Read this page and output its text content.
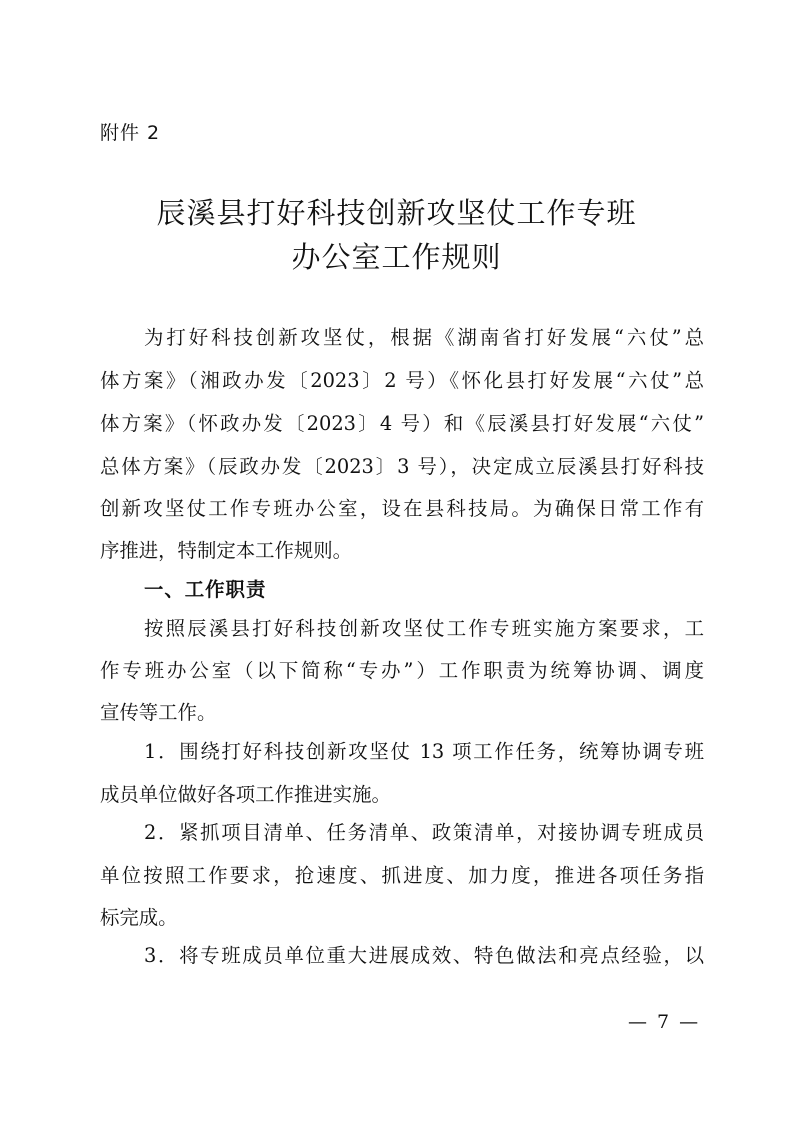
附件 2
辰溪县打好科技创新攻坚仗工作专班
办公室工作规则
为打好科技创新攻坚仗，根据《湖南省打好发展“六仗”总
体方案》（湘政办发〔2023〕2 号）《怀化县打好发展“六仗”总
体方案》（怀政办发〔2023〕4 号）和《辰溪县打好发展“六仗”
总体方案》（辰政办发〔2023〕3 号），决定成立辰溪县打好科技
创新攻坚仗工作专班办公室，设在县科技局。为确保日常工作有
序推进，特制定本工作规则。
一、工作职责
按照辰溪县打好科技创新攻坚仗工作专班实施方案要求，工
作专班办公室（以下简称“专办”）工作职责为统筹协调、调度
宣传等工作。
1．围绕打好科技创新攻坚仗 13 项工作任务，统筹协调专班
成员单位做好各项工作推进实施。
2．紧抓项目清单、任务清单、政策清单，对接协调专班成员
单位按照工作要求，抢速度、抓进度、加力度，推进各项任务指
标完成。
3．将专班成员单位重大进展成效、特色做法和亮点经验，以
— 7 —
